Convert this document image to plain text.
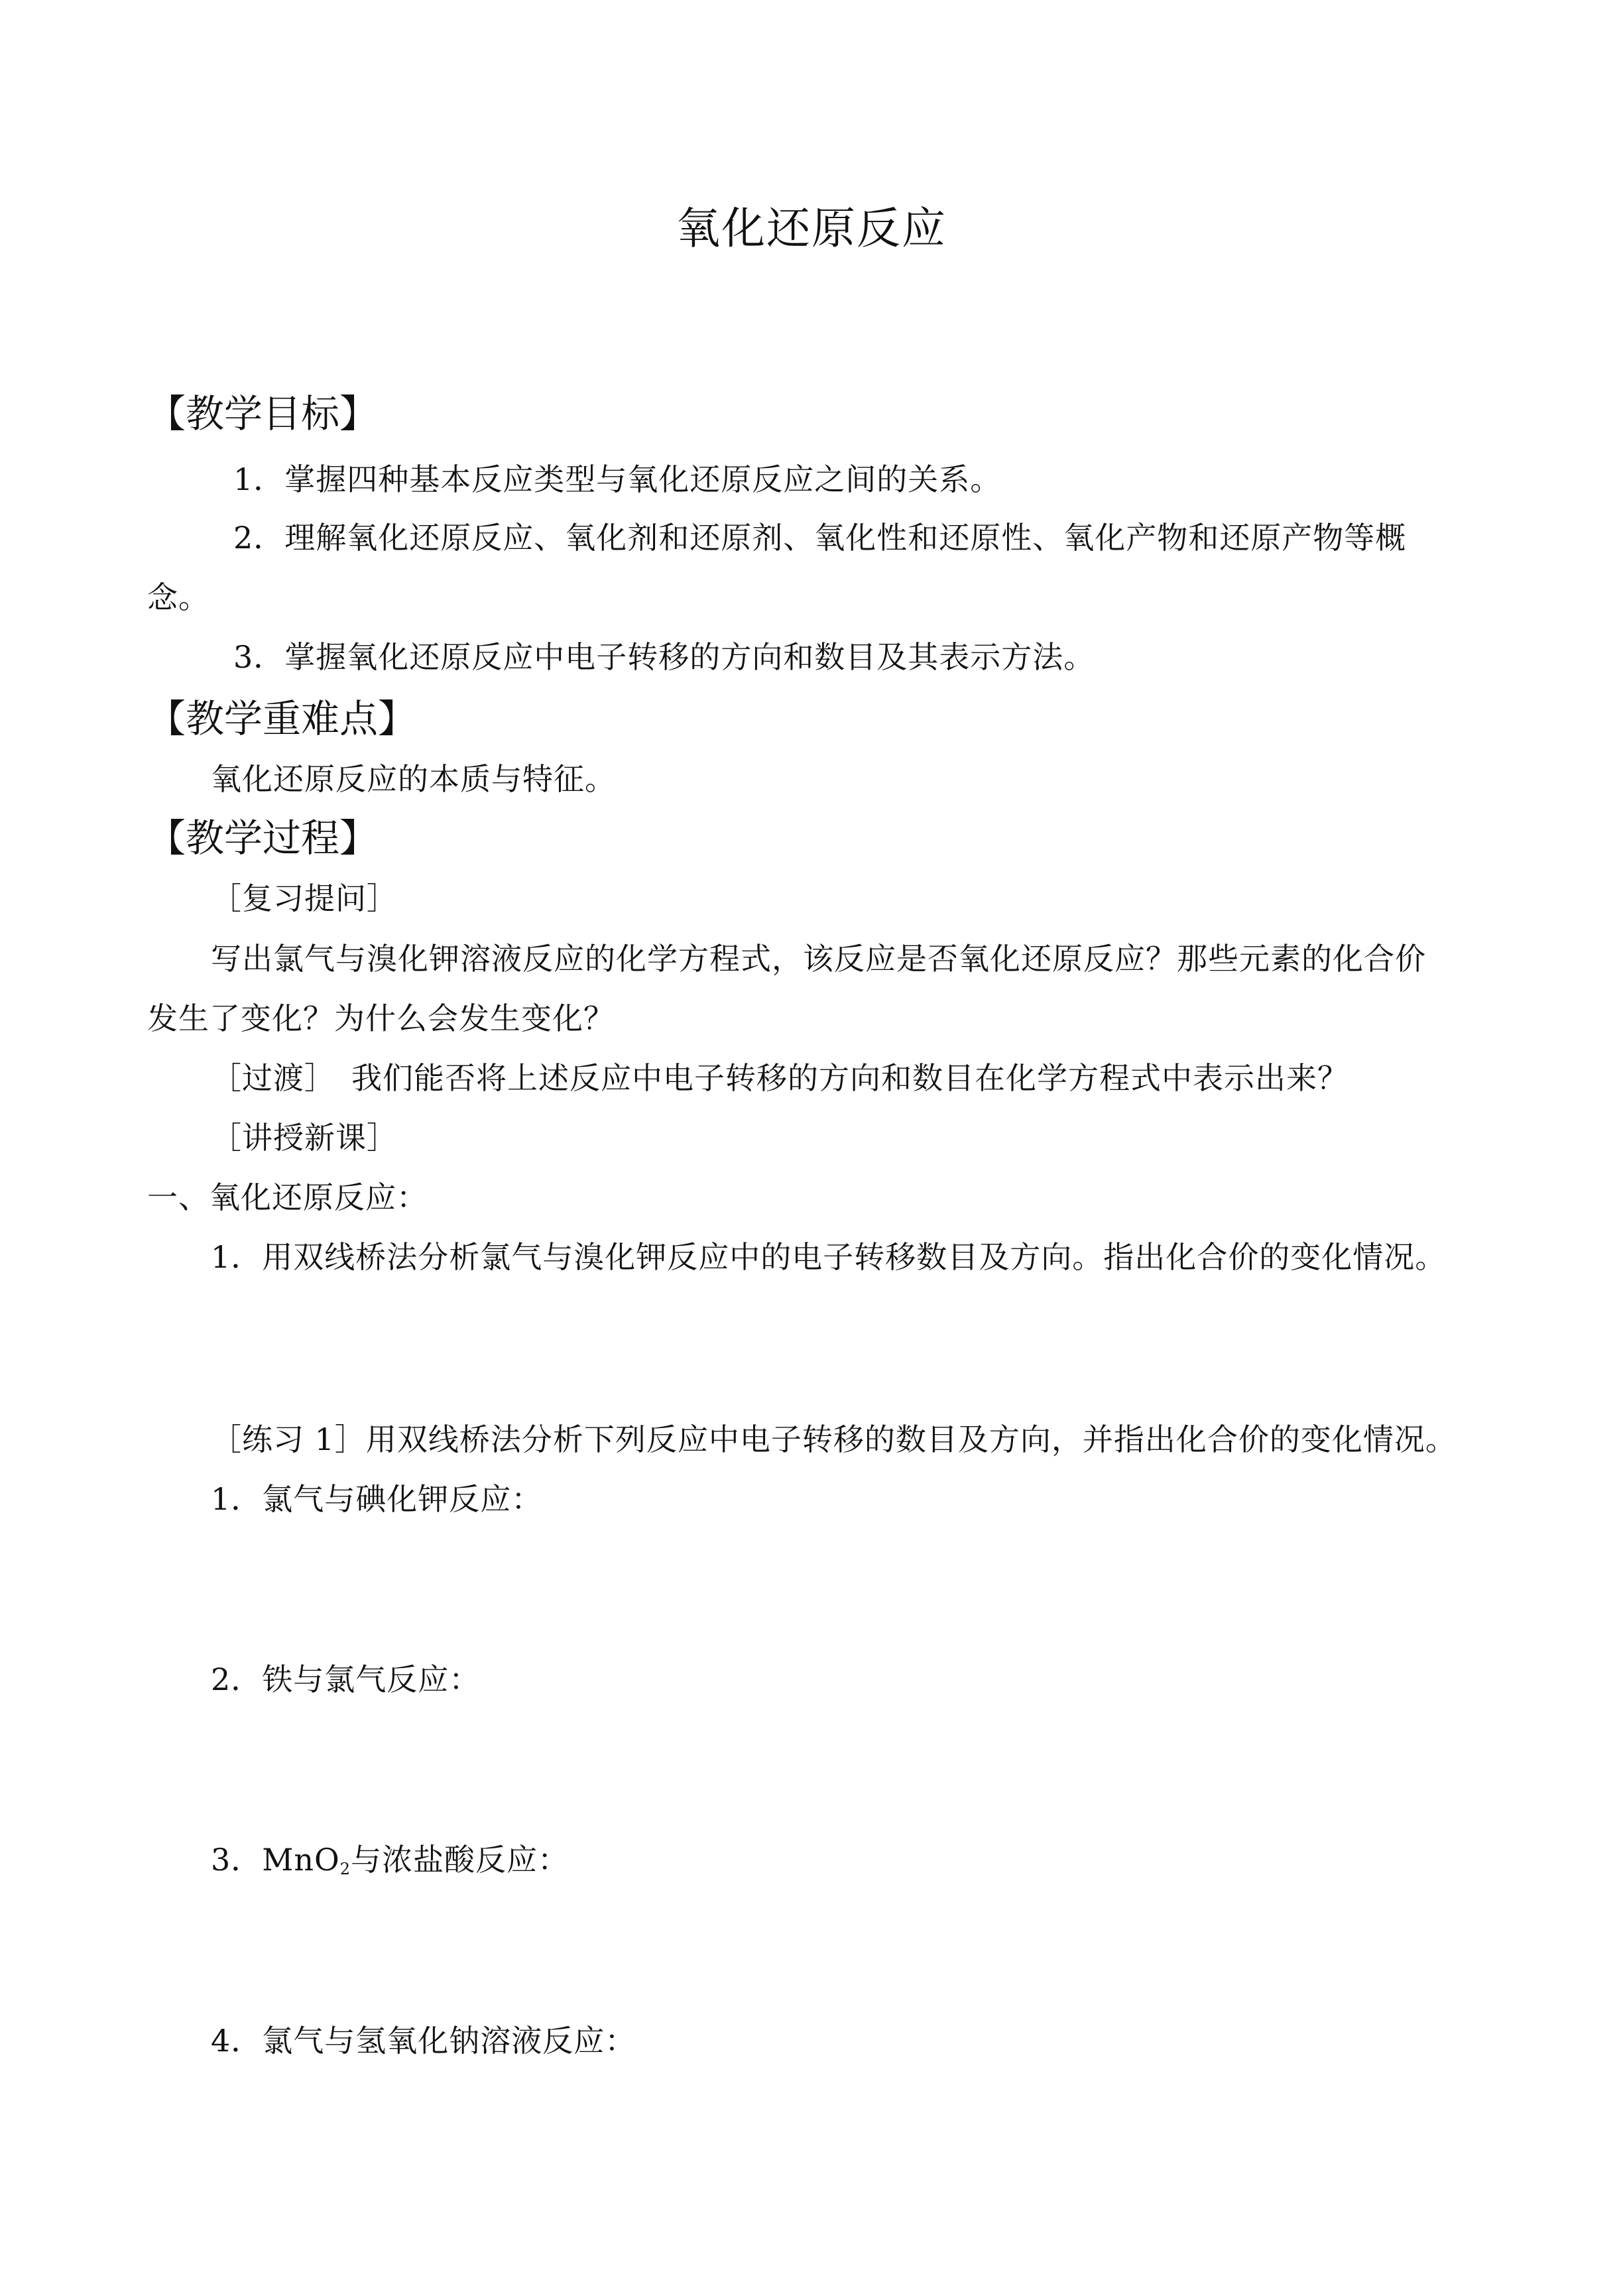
氧化还原反应
【教学目标】
1．掌握四种基本反应类型与氧化还原反应之间的关系。
2．理解氧化还原反应、氧化剂和还原剂、氧化性和还原性、氧化产物和还原产物等概
念。
3．掌握氧化还原反应中电子转移的方向和数目及其表示方法。
【教学重难点】
氧化还原反应的本质与特征。
【教学过程】
［复习提问］
写出氯气与溴化钾溶液反应的化学方程式，该反应是否氧化还原反应？那些元素的化合价
发生了变化？为什么会发生变化？
［过渡］　我们能否将上述反应中电子转移的方向和数目在化学方程式中表示出来？
［讲授新课］
一、氧化还原反应：
1．用双线桥法分析氯气与溴化钾反应中的电子转移数目及方向。指出化合价的变化情况。
［练习 1］用双线桥法分析下列反应中电子转移的数目及方向，并指出化合价的变化情况。
1．氯气与碘化钾反应：
2．铁与氯气反应：
3．MnO$_2$与浓盐酸反应：
4．氯气与氢氧化钠溶液反应：
